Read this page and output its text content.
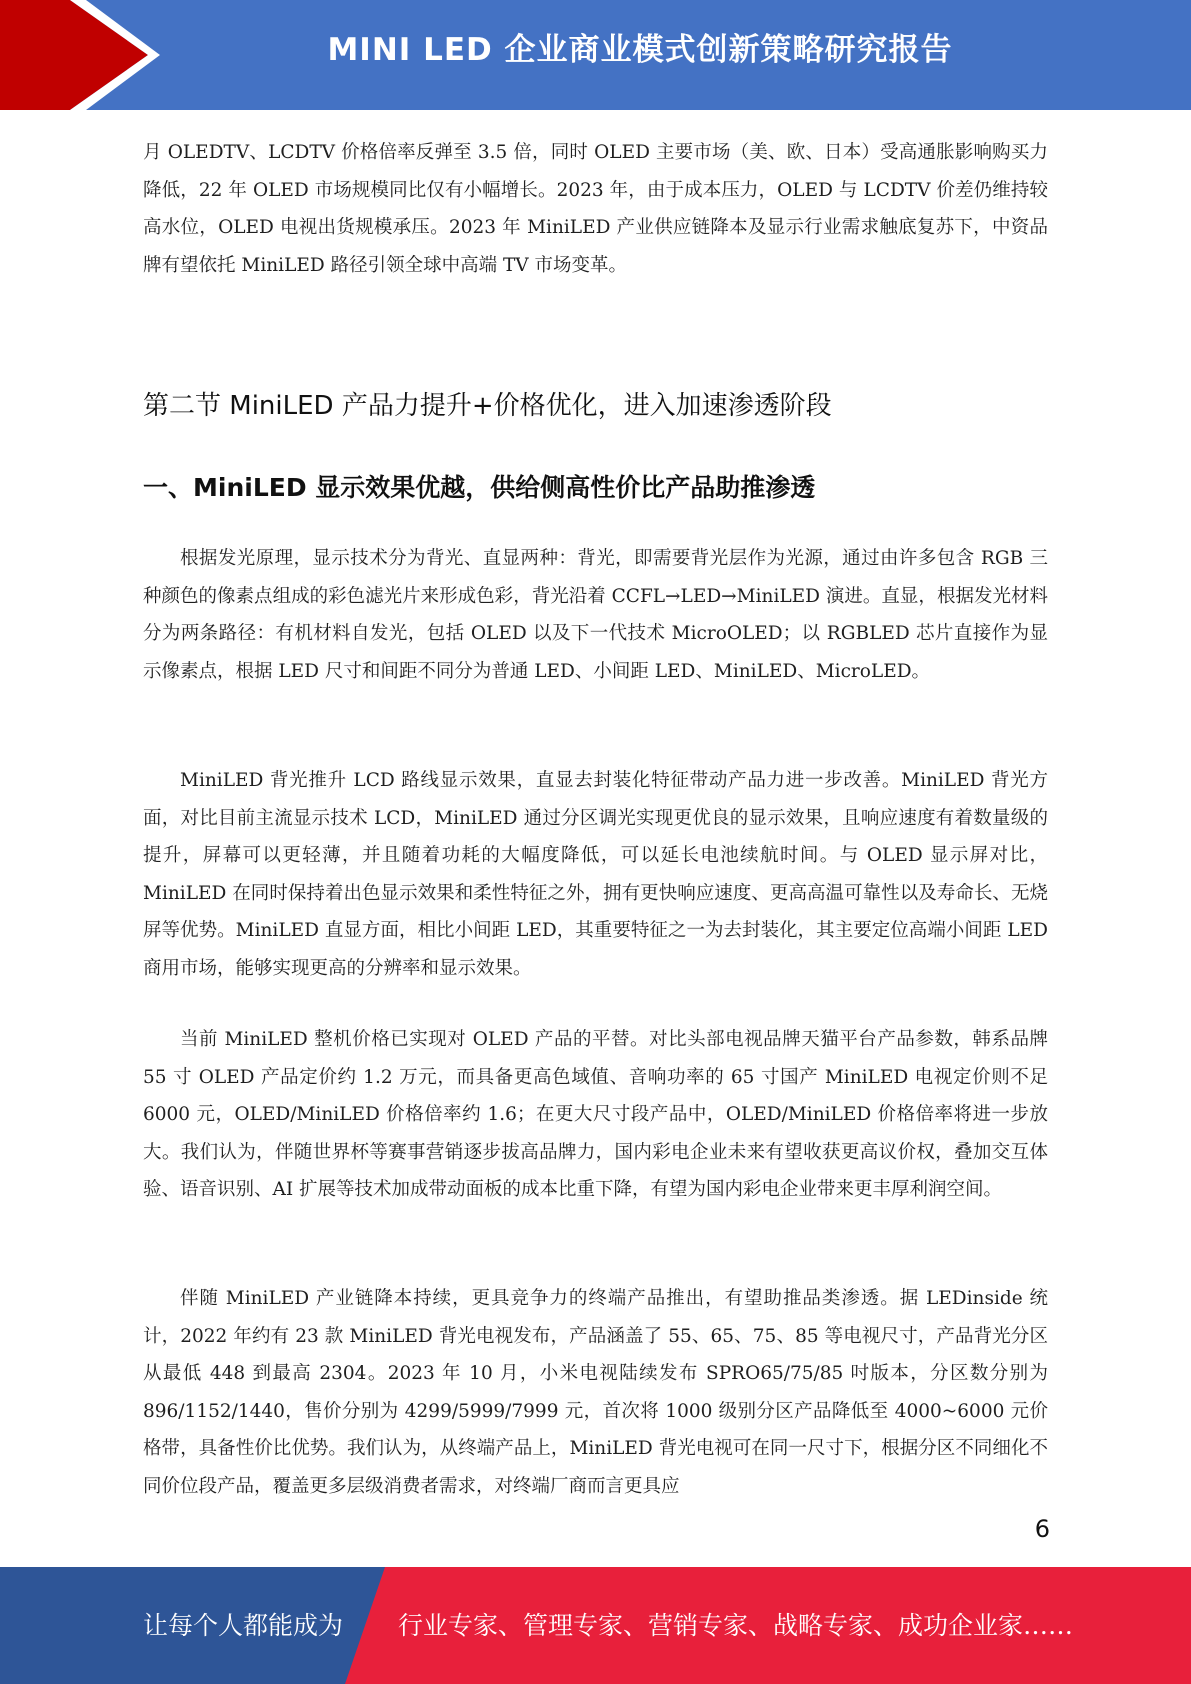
MINI LED 企业商业模式创新策略研究报告

月 OLEDTV、LCDTV 价格倍率反弹至 3.5 倍，同时 OLED 主要市场（美、欧、日本）受高通胀影响购买力降低，22 年 OLED 市场规模同比仅有小幅增长。2023 年，由于成本压力，OLED 与 LCDTV 价差仍维持较高水位，OLED 电视出货规模承压。2023 年 MiniLED 产业供应链降本及显示行业需求触底复苏下，中资品牌有望依托 MiniLED 路径引领全球中高端 TV 市场变革。

第二节 MiniLED 产品力提升+价格优化，进入加速渗透阶段
一、MiniLED 显示效果优越，供给侧高性价比产品助推渗透

根据发光原理，显示技术分为背光、直显两种：背光，即需要背光层作为光源，通过由许多包含 RGB 三种颜色的像素点组成的彩色滤光片来形成色彩，背光沿着 CCFL→LED→MiniLED 演进。直显，根据发光材料分为两条路径：有机材料自发光，包括 OLED 以及下一代技术 MicroOLED；以 RGBLED 芯片直接作为显示像素点，根据 LED 尺寸和间距不同分为普通 LED、小间距 LED、MiniLED、MicroLED。

MiniLED 背光推升 LCD 路线显示效果，直显去封装化特征带动产品力进一步改善。MiniLED 背光方面，对比目前主流显示技术 LCD，MiniLED 通过分区调光实现更优良的显示效果，且响应速度有着数量级的提升，屏幕可以更轻薄，并且随着功耗的大幅度降低，可以延长电池续航时间。与 OLED 显示屏对比，MiniLED 在同时保持着出色显示效果和柔性特征之外，拥有更快响应速度、更高高温可靠性以及寿命长、无烧屏等优势。MiniLED 直显方面，相比小间距 LED，其重要特征之一为去封装化，其主要定位高端小间距 LED 商用市场，能够实现更高的分辨率和显示效果。

当前 MiniLED 整机价格已实现对 OLED 产品的平替。对比头部电视品牌天猫平台产品参数，韩系品牌 55 寸 OLED 产品定价约 1.2 万元，而具备更高色域值、音响功率的 65 寸国产 MiniLED 电视定价则不足 6000 元，OLED/MiniLED 价格倍率约 1.6；在更大尺寸段产品中，OLED/MiniLED 价格倍率将进一步放大。我们认为，伴随世界杯等赛事营销逐步拔高品牌力，国内彩电企业未来有望收获更高议价权，叠加交互体验、语音识别、AI 扩展等技术加成带动面板的成本比重下降，有望为国内彩电企业带来更丰厚利润空间。

伴随 MiniLED 产业链降本持续，更具竞争力的终端产品推出，有望助推品类渗透。据 LEDinside 统计，2022 年约有 23 款 MiniLED 背光电视发布，产品涵盖了 55、65、75、85 等电视尺寸，产品背光分区从最低 448 到最高 2304。2023 年 10 月，小米电视陆续发布 SPRO65/75/85 吋版本，分区数分别为 896/1152/1440，售价分别为 4299/5999/7999 元，首次将 1000 级别分区产品降低至 4000~6000 元价格带，具备性价比优势。我们认为，从终端产品上，MiniLED 背光电视可在同一尺寸下，根据分区不同细化不同价位段产品，覆盖更多层级消费者需求，对终端厂商而言更具应

6
让每个人都能成为 行业专家、管理专家、营销专家、战略专家、成功企业家……
